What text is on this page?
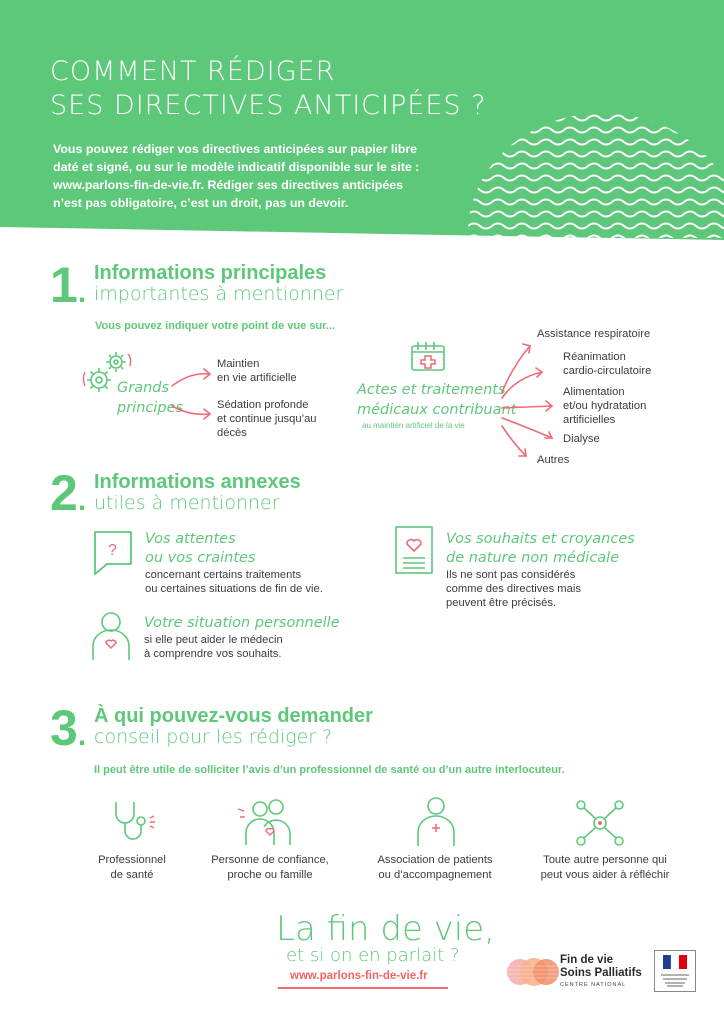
COMMENT RÉDIGER
SES DIRECTIVES ANTICIPÉES ?
Vous pouvez rédiger vos directives anticipées sur papier libre daté et signé, ou sur le modèle indicatif disponible sur le site : www.parlons-fin-de-vie.fr. Rédiger ses directives anticipées n’est pas obligatoire, c’est un droit, pas un devoir.
1.
Informations principales
importantes à mentionner
Vous pouvez indiquer votre point de vue sur...
Grands
principes
Maintien
en vie artificielle
Sédation profonde
et continue jusqu’au
décès
Actes et traitements
médicaux contribuant
au maintien artificiel de la vie
Assistance respiratoire
Réanimation
cardio-circulatoire
Alimentation
et/ou hydratation
artificielles
Dialyse
Autres
2.
Informations annexes
utiles à mentionner
?
Vos attentes
ou vos craintes
concernant certains traitements
ou certaines situations de fin de vie.
Vos souhaits et croyances
de nature non médicale
Ils ne sont pas considérés
comme des directives mais
peuvent être précisés.
Votre situation personnelle
si elle peut aider le médecin
à comprendre vos souhaits.
3.
À qui pouvez-vous demander
conseil pour les rédiger ?
Il peut être utile de solliciter l’avis d’un professionnel de santé ou d’un autre interlocuteur.
Professionnel
de santé
Personne de confiance,
proche ou famille
Association de patients
ou d’accompagnement
Toute autre personne qui
peut vous aider à réfléchir
La fin de vie,
et si on en parlait ?
www.parlons-fin-de-vie.fr
Fin de vie
Soins Palliatifs
CENTRE NATIONAL
